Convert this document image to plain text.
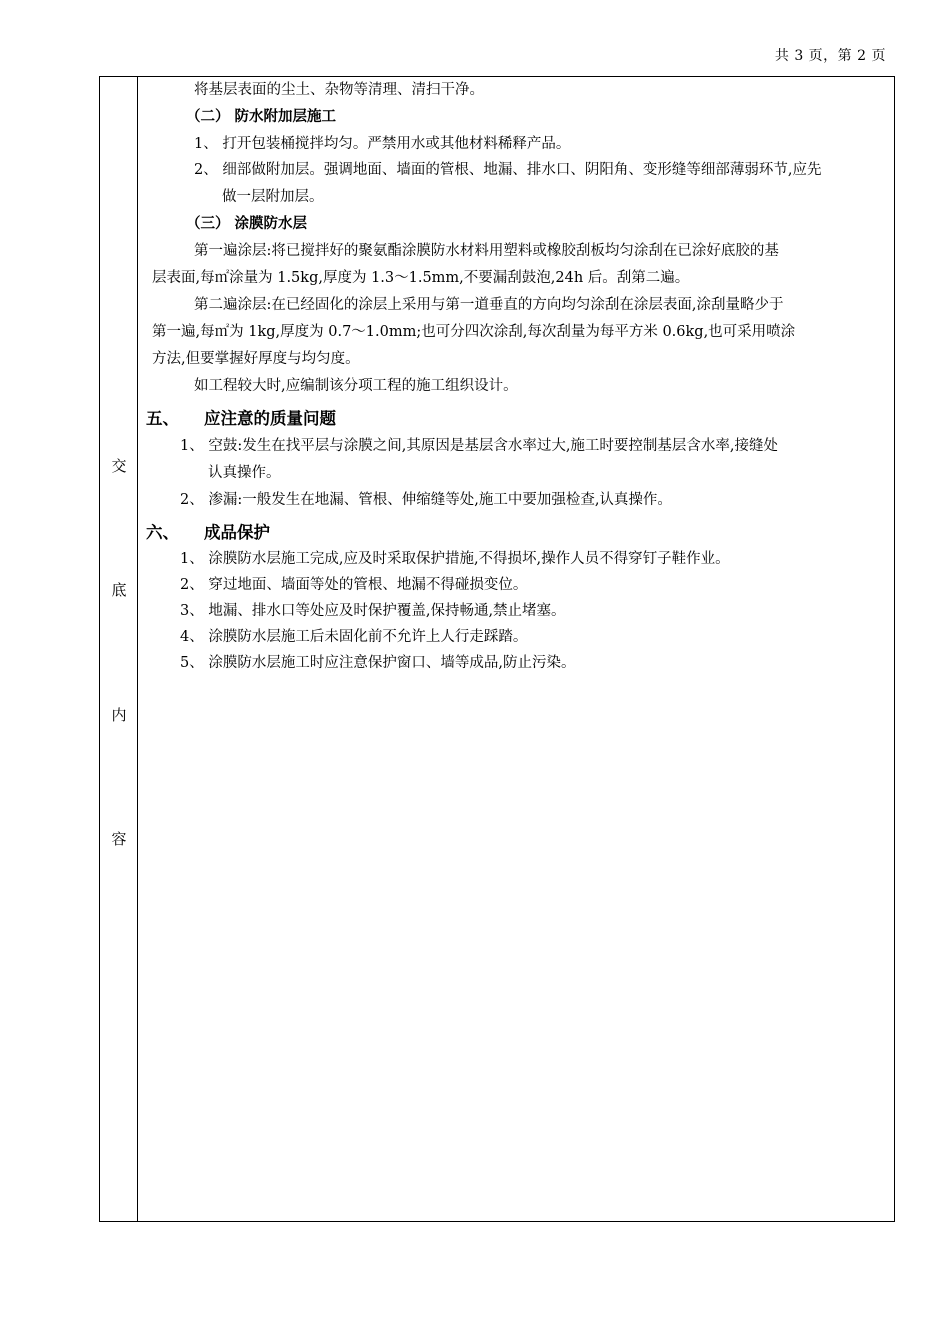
共 3 页，第 2 页
交
底
内
容
将基层表面的尘土、杂物等清理、清扫干净。
（二） 防水附加层施工
1、 打开包装桶搅拌均匀。严禁用水或其他材料稀释产品。
2、 细部做附加层。强调地面、墙面的管根、地漏、排水口、阴阳角、变形缝等细部薄弱环节,应先
做一层附加层。
（三） 涂膜防水层
第一遍涂层:将已搅拌好的聚氨酯涂膜防水材料用塑料或橡胶刮板均匀涂刮在已涂好底胶的基
层表面,每㎡涂量为 1.5kg,厚度为 1.3～1.5mm,不要漏刮鼓泡,24h 后。刮第二遍。
第二遍涂层:在已经固化的涂层上采用与第一道垂直的方向均匀涂刮在涂层表面,涂刮量略少于
第一遍,每㎡为 1kg,厚度为 0.7～1.0mm;也可分四次涂刮,每次刮量为每平方米 0.6kg,也可采用喷涂
方法,但要掌握好厚度与均匀度。
如工程较大时,应编制该分项工程的施工组织设计。
五、 应注意的质量问题
1、 空鼓:发生在找平层与涂膜之间,其原因是基层含水率过大,施工时要控制基层含水率,接缝处
认真操作。
2、 渗漏:一般发生在地漏、管根、伸缩缝等处,施工中要加强检查,认真操作。
六、 成品保护
1、 涂膜防水层施工完成,应及时采取保护措施,不得损坏,操作人员不得穿钉子鞋作业。
2、 穿过地面、墙面等处的管根、地漏不得碰损变位。
3、 地漏、排水口等处应及时保护覆盖,保持畅通,禁止堵塞。
4、 涂膜防水层施工后未固化前不允许上人行走踩踏。
5、 涂膜防水层施工时应注意保护窗口、墙等成品,防止污染。
